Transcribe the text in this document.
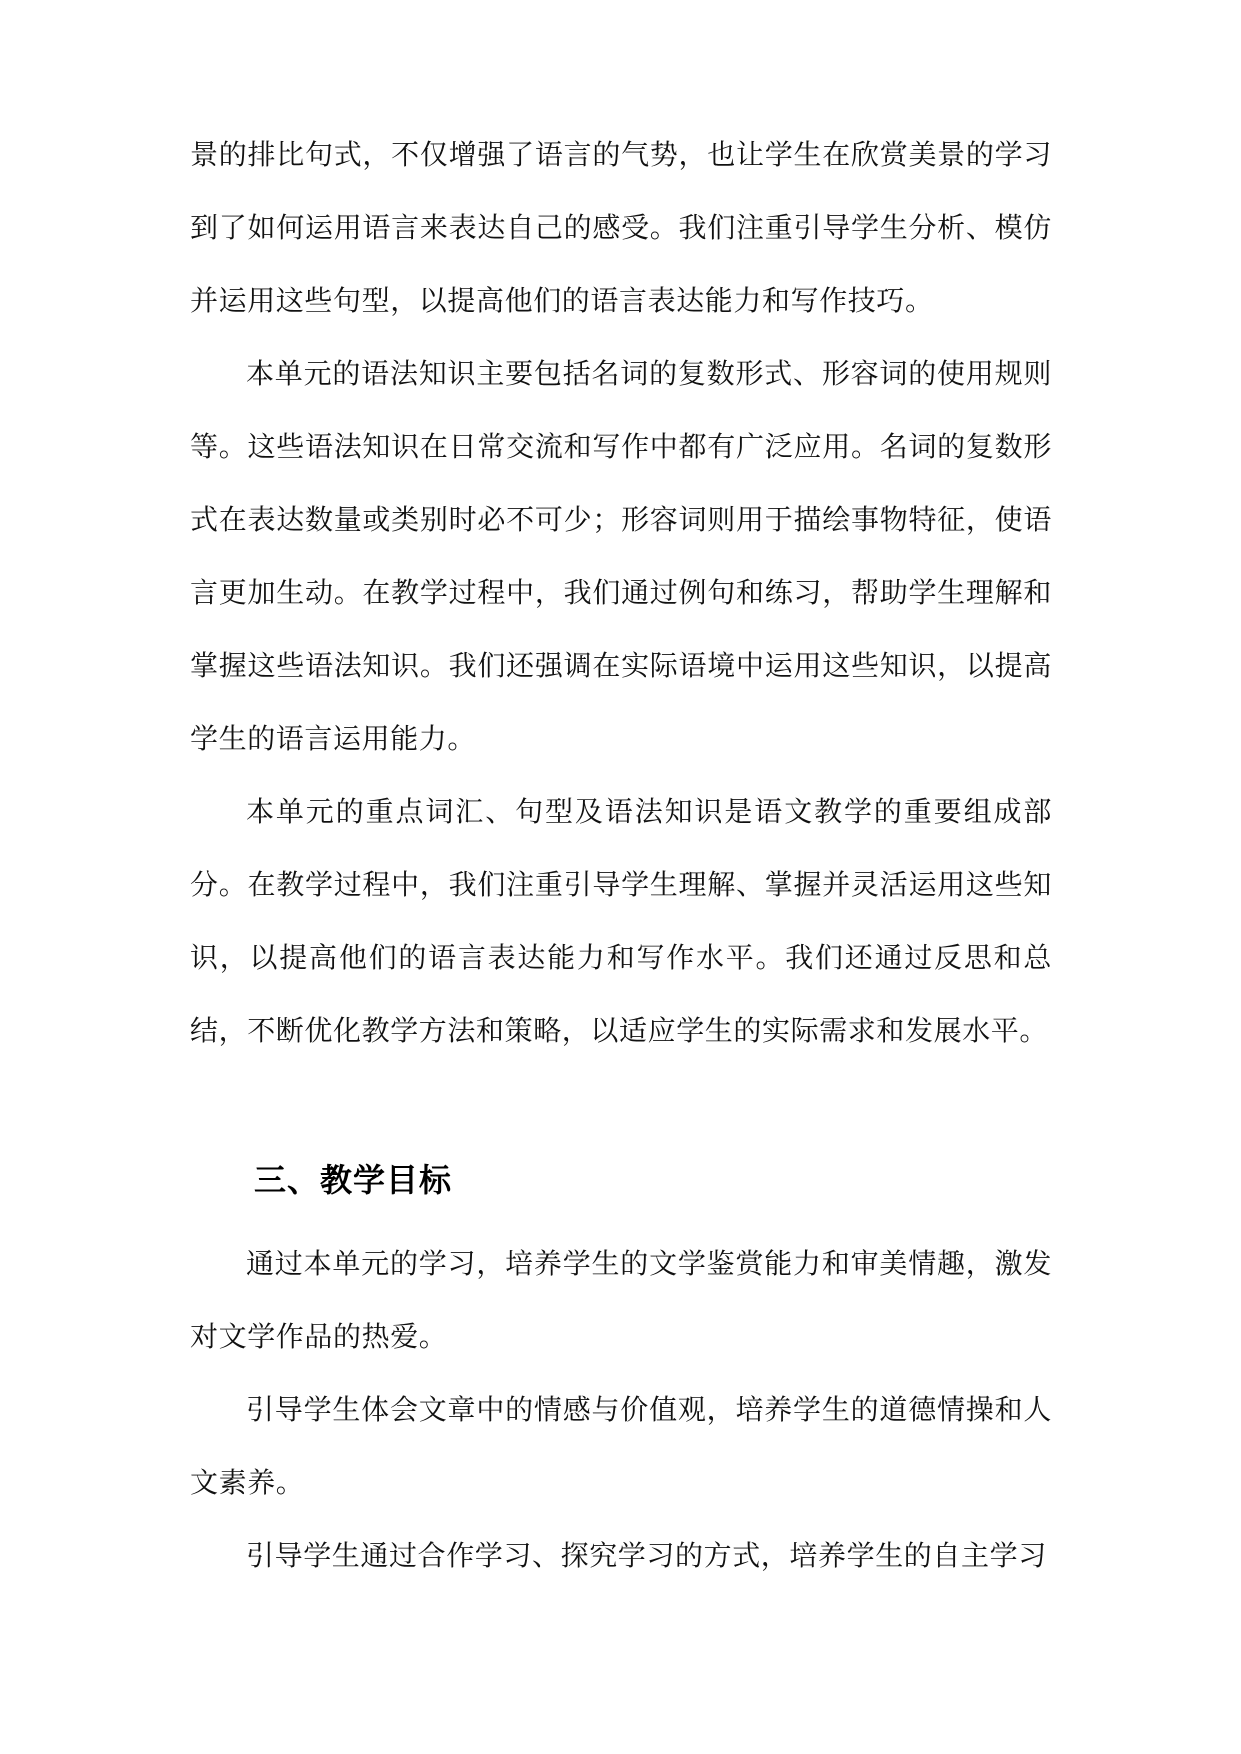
景的排比句式，不仅增强了语言的气势，也让学生在欣赏美景的学习到了如何运用语言来表达自己的感受。我们注重引导学生分析、模仿并运用这些句型，以提高他们的语言表达能力和写作技巧。

本单元的语法知识主要包括名词的复数形式、形容词的使用规则等。这些语法知识在日常交流和写作中都有广泛应用。名词的复数形式在表达数量或类别时必不可少；形容词则用于描绘事物特征，使语言更加生动。在教学过程中，我们通过例句和练习，帮助学生理解和掌握这些语法知识。我们还强调在实际语境中运用这些知识，以提高学生的语言运用能力。

本单元的重点词汇、句型及语法知识是语文教学的重要组成部分。在教学过程中，我们注重引导学生理解、掌握并灵活运用这些知识，以提高他们的语言表达能力和写作水平。我们还通过反思和总结，不断优化教学方法和策略，以适应学生的实际需求和发展水平。

三、教学目标

通过本单元的学习，培养学生的文学鉴赏能力和审美情趣，激发对文学作品的热爱。

引导学生体会文章中的情感与价值观，培养学生的道德情操和人文素养。

引导学生通过合作学习、探究学习的方式，培养学生的自主学习
